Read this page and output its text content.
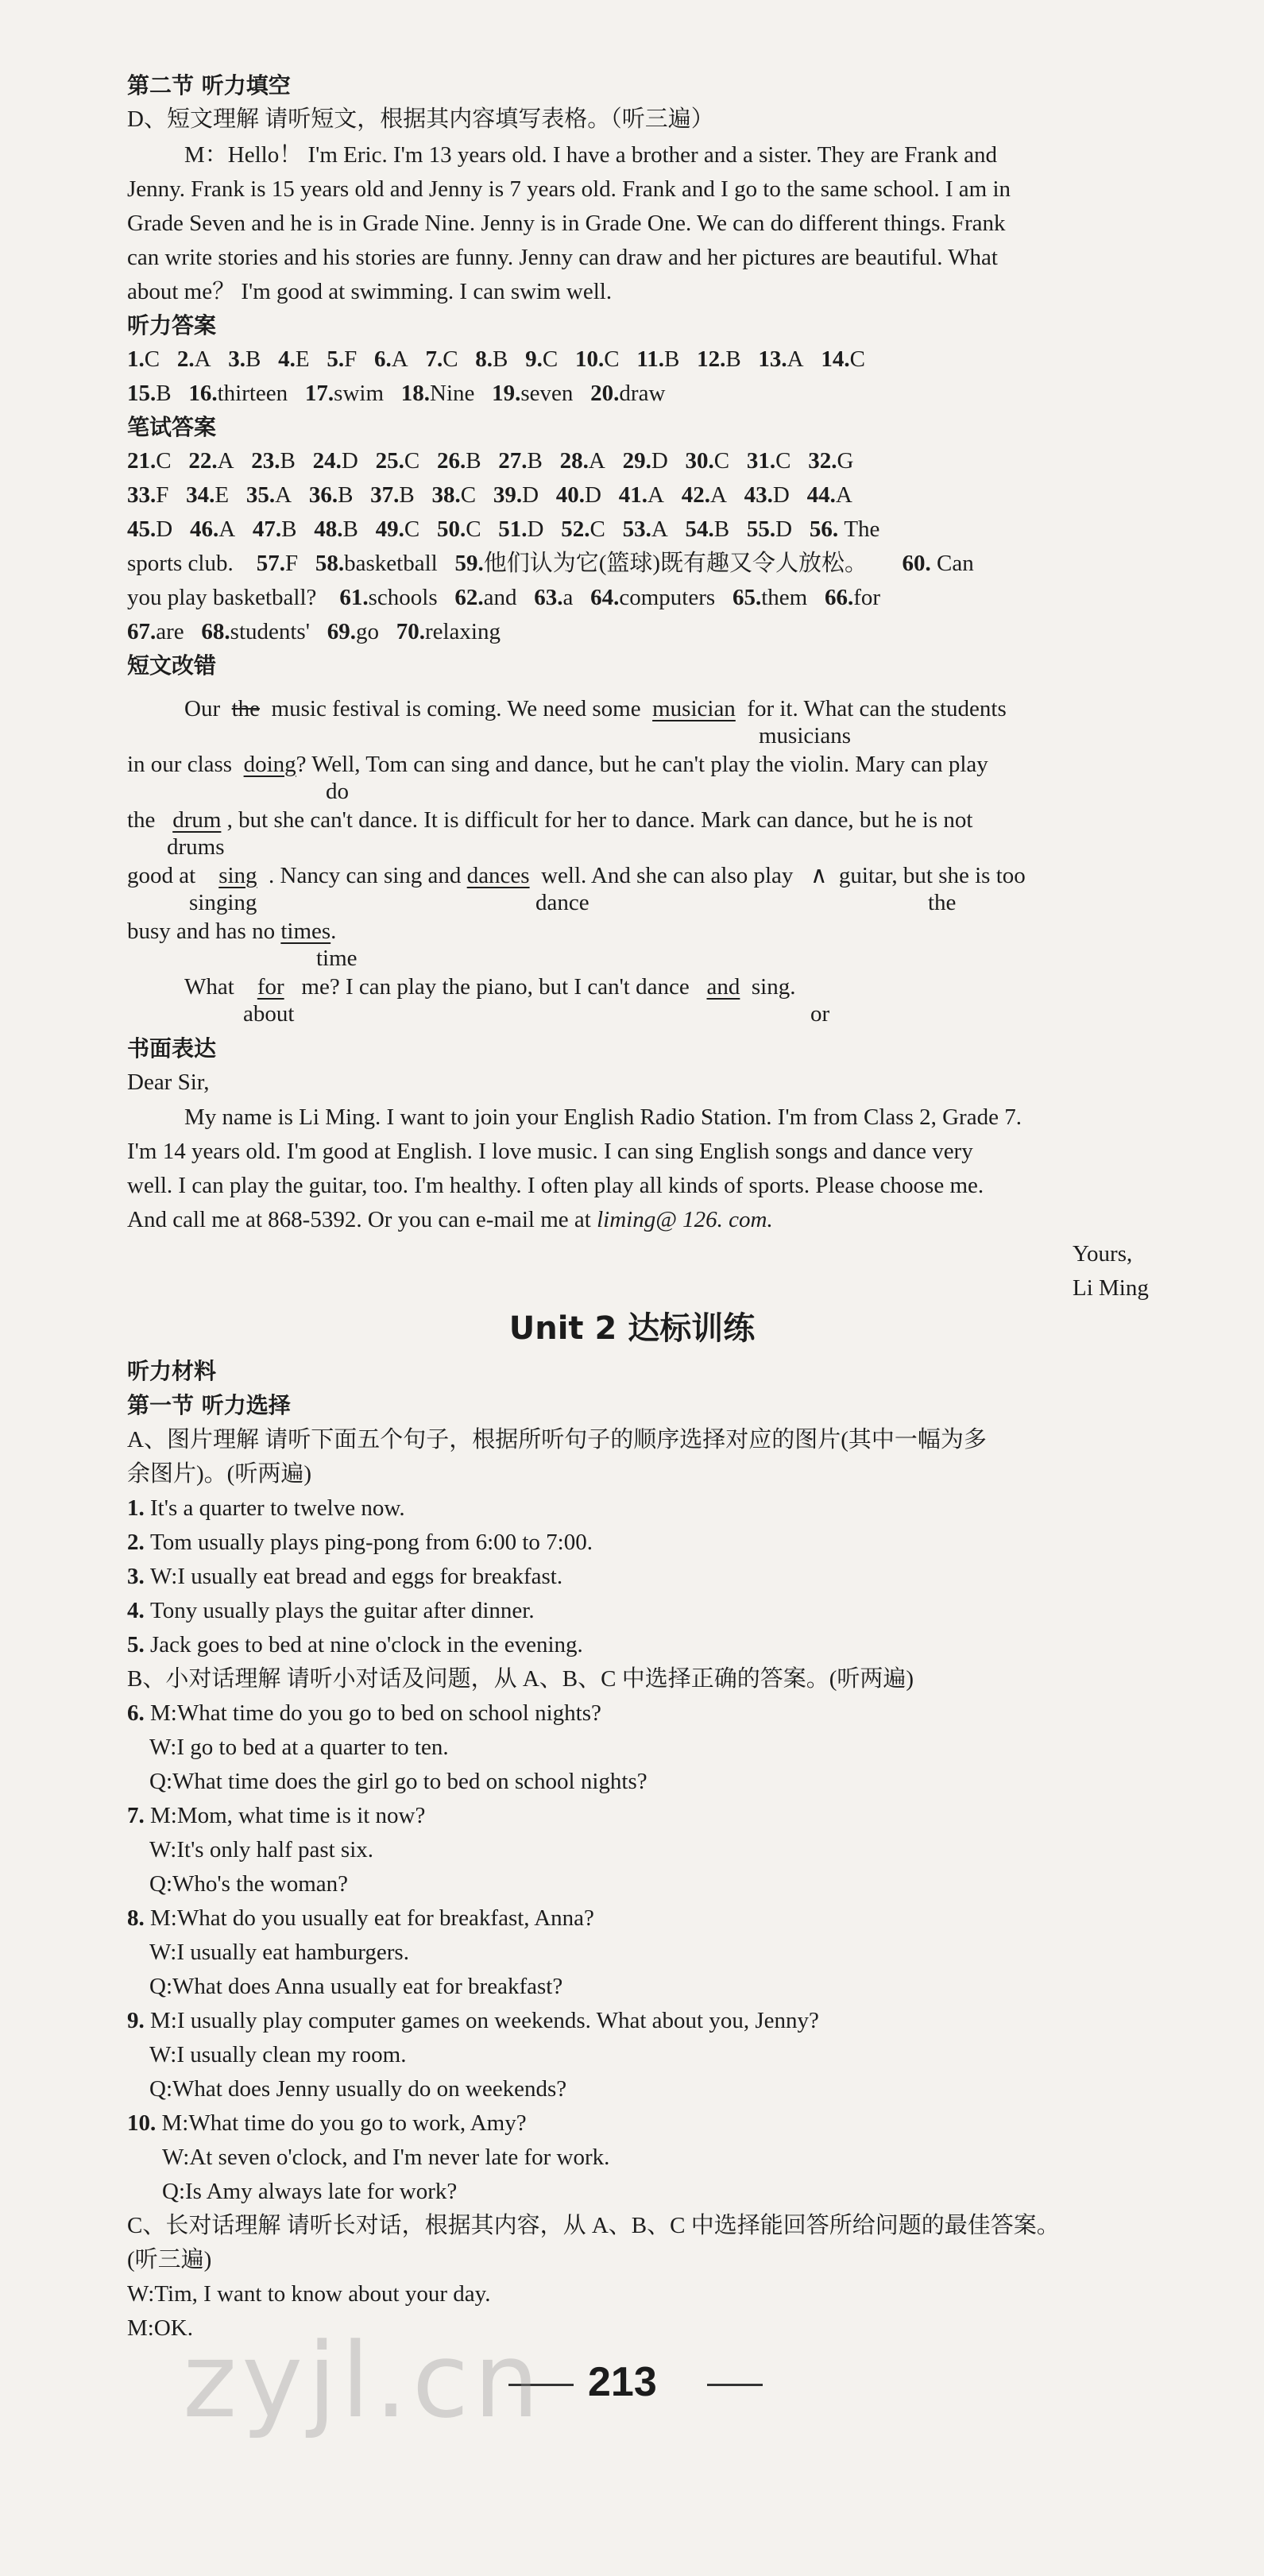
第二节 听力填空
D、短文理解 请听短文，根据其内容填写表格。（听三遍）
M：Hello！ I'm Eric. I'm 13 years old. I have a brother and a sister. They are Frank and
Jenny. Frank is 15 years old and Jenny is 7 years old. Frank and I go to the same school. I am in
Grade Seven and he is in Grade Nine. Jenny is in Grade One. We can do different things. Frank
can write stories and his stories are funny. Jenny can draw and her pictures are beautiful. What
about me？ I'm good at swimming. I can swim well.
听力答案
1.C 2.A 3.B 4.E 5.F 6.A 7.C 8.B 9.C 10.C 11.B 12.B 13.A 14.C
15.B 16.thirteen 17.swim 18.Nine 19.seven 20.draw
笔试答案
21.C 22.A 23.B 24.D 25.C 26.B 27.B 28.A 29.D 30.C 31.C 32.G
33.F 34.E 35.A 36.B 37.B 38.C 39.D 40.D 41.A 42.A 43.D 44.A
45.D 46.A 47.B 48.B 49.C 50.C 51.D 52.C 53.A 54.B 55.D 56. The
sports club. 57.F 58.basketball 59.他们认为它(篮球)既有趣又令人放松。 60. Can
you play basketball? 61.schools 62.and 63.a 64.computers 65.them 66.for
67.are 68.students' 69.go 70.relaxing
短文改错
Our the music festival is coming. We need some musician for it. What can the students
musicians
in our class doing? Well, Tom can sing and dance, but he can't play the violin. Mary can play
do
the drum , but she can't dance. It is difficult for her to dance. Mark can dance, but he is not
drums
good at sing . Nancy can sing and dances well. And she can also play ∧ guitar, but she is too
singing	dance	the
busy and has no times.
time
What for me? I can play the piano, but I can't dance and sing.
about	or
书面表达
Dear Sir,
My name is Li Ming. I want to join your English Radio Station. I'm from Class 2, Grade 7.
I'm 14 years old. I'm good at English. I love music. I can sing English songs and dance very
well. I can play the guitar, too. I'm healthy. I often play all kinds of sports. Please choose me.
And call me at 868-5392. Or you can e-mail me at liming@ 126. com.
Yours,
Li Ming
Unit 2 达标训练
听力材料
第一节 听力选择
A、图片理解 请听下面五个句子，根据所听句子的顺序选择对应的图片(其中一幅为多
余图片)。(听两遍)
1. It's a quarter to twelve now.
2. Tom usually plays ping-pong from 6:00 to 7:00.
3. W:I usually eat bread and eggs for breakfast.
4. Tony usually plays the guitar after dinner.
5. Jack goes to bed at nine o'clock in the evening.
B、小对话理解 请听小对话及问题，从 A、B、C 中选择正确的答案。(听两遍)
6. M:What time do you go to bed on school nights?
W:I go to bed at a quarter to ten.
Q:What time does the girl go to bed on school nights?
7. M:Mom, what time is it now?
W:It's only half past six.
Q:Who's the woman?
8. M:What do you usually eat for breakfast, Anna?
W:I usually eat hamburgers.
Q:What does Anna usually eat for breakfast?
9. M:I usually play computer games on weekends. What about you, Jenny?
W:I usually clean my room.
Q:What does Jenny usually do on weekends?
10. M:What time do you go to work, Amy?
W:At seven o'clock, and I'm never late for work.
Q:Is Amy always late for work?
C、长对话理解 请听长对话，根据其内容，从 A、B、C 中选择能回答所给问题的最佳答案。
(听三遍)
W:Tim, I want to know about your day.
M:OK.
213
zyjl.cn
